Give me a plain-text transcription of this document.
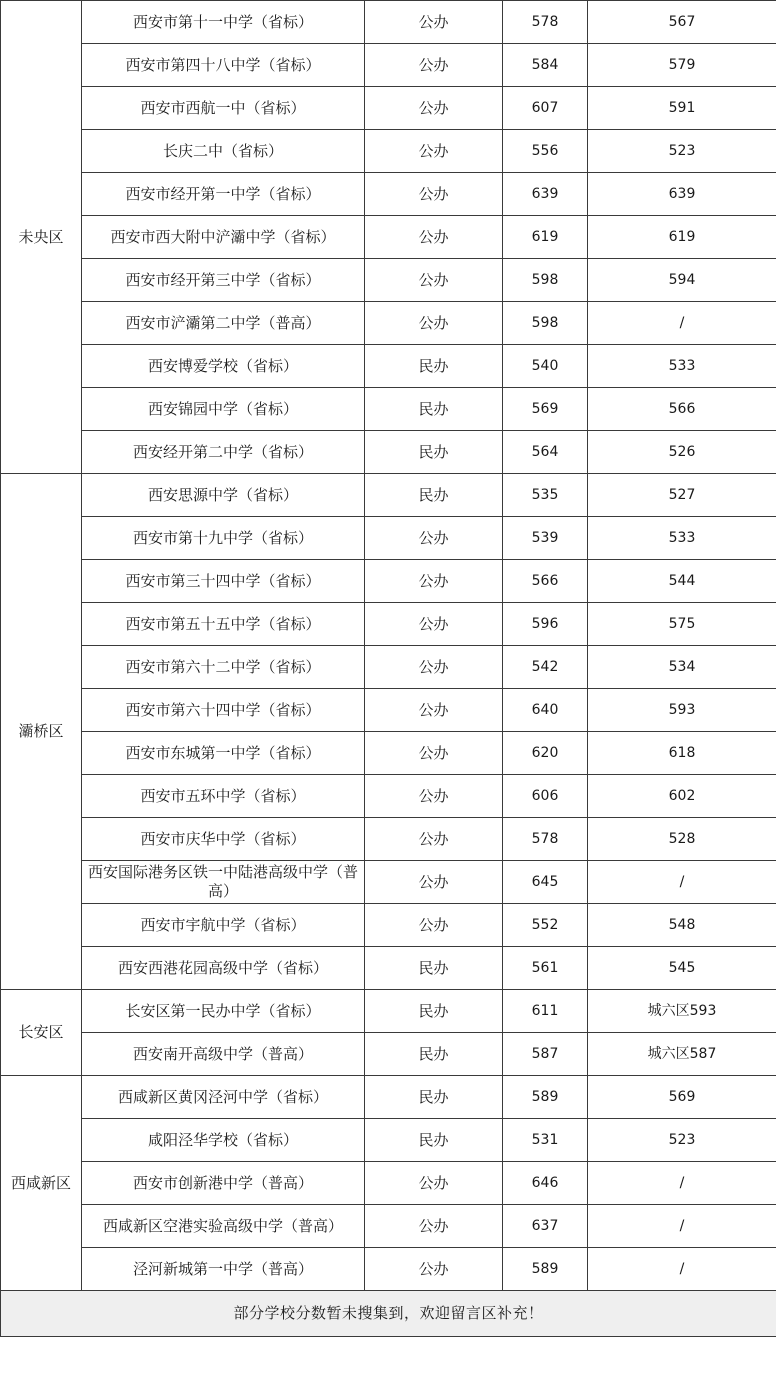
未央区	西安市第十一中学（省标）	公办	578	567
	西安市第四十八中学（省标）	公办	584	579
	西安市西航一中（省标）	公办	607	591
	长庆二中（省标）	公办	556	523
	西安市经开第一中学（省标）	公办	639	639
	西安市西大附中浐灞中学（省标）	公办	619	619
	西安市经开第三中学（省标）	公办	598	594
	西安市浐灞第二中学（普高）	公办	598	/
	西安博爱学校（省标）	民办	540	533
	西安锦园中学（省标）	民办	569	566
	西安经开第二中学（省标）	民办	564	526
灞桥区	西安思源中学（省标）	民办	535	527
	西安市第十九中学（省标）	公办	539	533
	西安市第三十四中学（省标）	公办	566	544
	西安市第五十五中学（省标）	公办	596	575
	西安市第六十二中学（省标）	公办	542	534
	西安市第六十四中学（省标）	公办	640	593
	西安市东城第一中学（省标）	公办	620	618
	西安市五环中学（省标）	公办	606	602
	西安市庆华中学（省标）	公办	578	528
	西安国际港务区铁一中陆港高级中学（普高）	公办	645	/
	西安市宇航中学（省标）	公办	552	548
	西安西港花园高级中学（省标）	民办	561	545
长安区	长安区第一民办中学（省标）	民办	611	城六区593
	西安南开高级中学（普高）	民办	587	城六区587
西咸新区	西咸新区黄冈泾河中学（省标）	民办	589	569
	咸阳泾华学校（省标）	民办	531	523
	西安市创新港中学（普高）	公办	646	/
	西咸新区空港实验高级中学（普高）	公办	637	/
	泾河新城第一中学（普高）	公办	589	/
部分学校分数暂未搜集到，欢迎留言区补充！				
